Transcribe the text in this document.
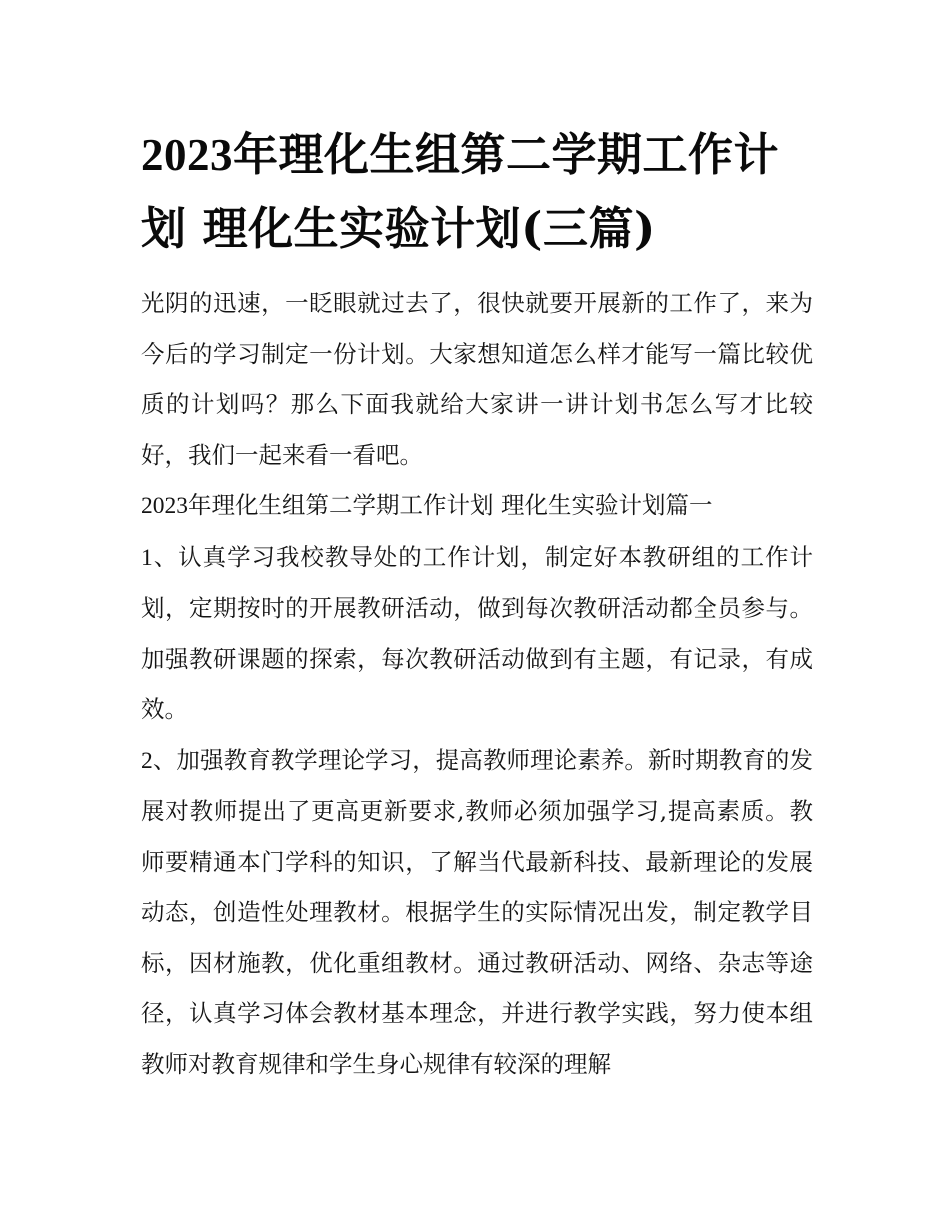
2023年理化生组第二学期工作计划 理化生实验计划(三篇)

光阴的迅速，一眨眼就过去了，很快就要开展新的工作了，来为今后的学习制定一份计划。大家想知道怎么样才能写一篇比较优质的计划吗？那么下面我就给大家讲一讲计划书怎么写才比较好，我们一起来看一看吧。

2023年理化生组第二学期工作计划 理化生实验计划篇一

1、认真学习我校教导处的工作计划，制定好本教研组的工作计划，定期按时的开展教研活动，做到每次教研活动都全员参与。加强教研课题的探索，每次教研活动做到有主题，有记录，有成效。

2、加强教育教学理论学习，提高教师理论素养。新时期教育的发展对教师提出了更高更新要求,教师必须加强学习,提高素质。教师要精通本门学科的知识，了解当代最新科技、最新理论的发展动态，创造性处理教材。根据学生的实际情况出发，制定教学目标，因材施教，优化重组教材。通过教研活动、网络、杂志等途径，认真学习体会教材基本理念，并进行教学实践，努力使本组教师对教育规律和学生身心规律有较深的理解
